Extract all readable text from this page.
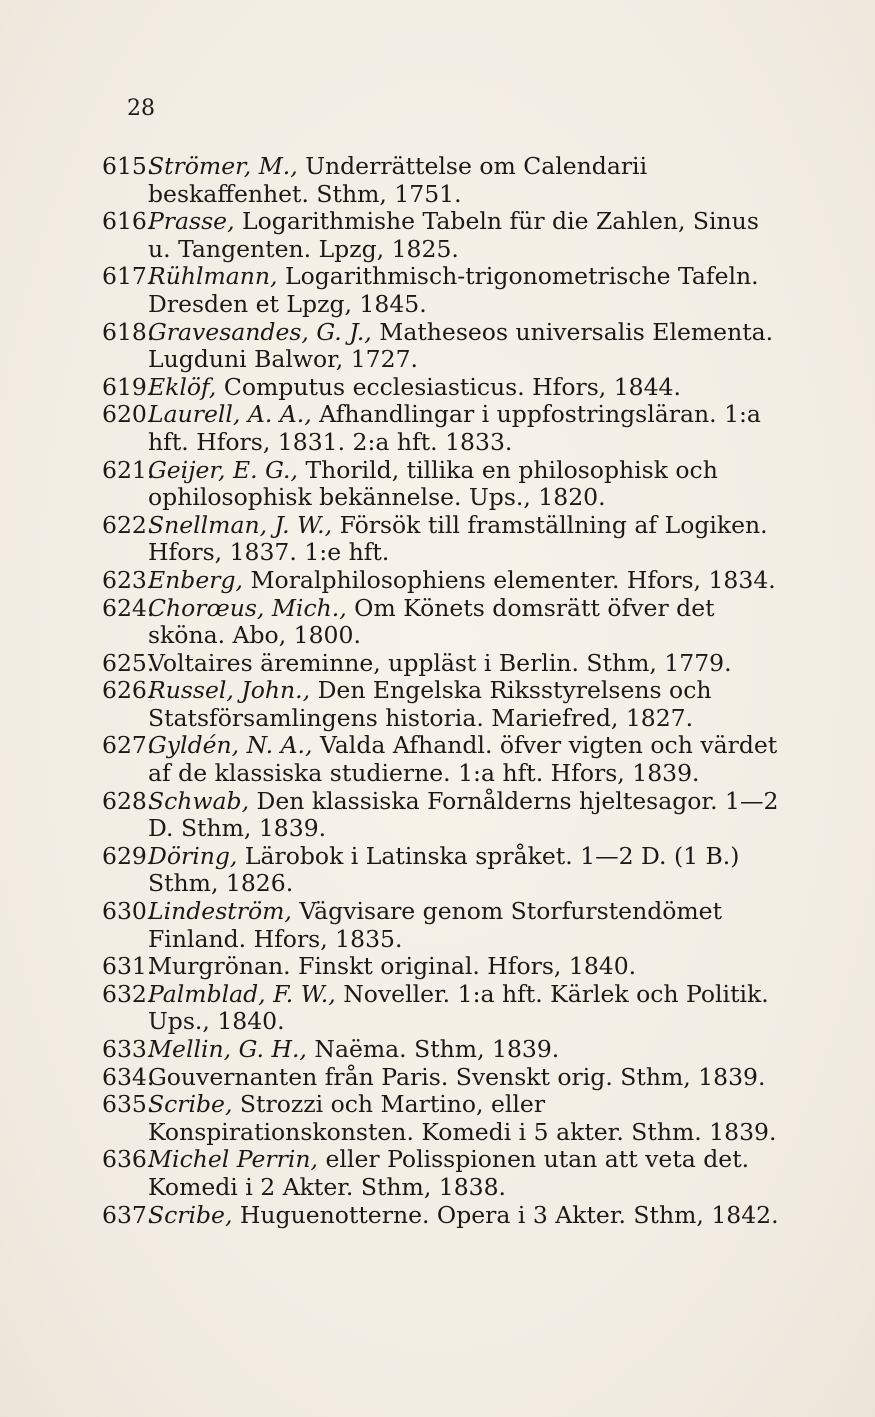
28

615.Strömer, M., Underrättelse om Calendarii beskaffenhet. Sthm, 1751.

616.Prasse, Logarithmishe Tabeln für die Zahlen, Sinus u. Tangenten. Lpzg, 1825.

617.Rühlmann, Logarithmisch-trigonometrische Tafeln. Dresden et Lpzg, 1845.

618.Gravesandes, G. J., Matheseos universalis Elementa. Lugduni Balwor, 1727.

619.Eklöf, Computus ecclesiasticus. Hfors, 1844.

620.Laurell, A. A., Afhandlingar i uppfostringsläran. 1:a hft. Hfors, 1831. 2:a hft. 1833.

621.Geijer, E. G., Thorild, tillika en philosophisk och ophilosophisk bekännelse. Ups., 1820.

622.Snellman, J. W., Försök till framställning af Logiken. Hfors, 1837. 1:e hft.

623.Enberg, Moralphilosophiens elementer. Hfors, 1834.

624.Chorœus, Mich., Om Könets domsrätt öfver det sköna. Abo, 1800.

625.Voltaires äreminne, uppläst i Berlin. Sthm, 1779.

626.Russel, John., Den Engelska Riksstyrelsens och Statsförsamlingens historia. Mariefred, 1827.

627.Gyldén, N. A., Valda Afhandl. öfver vigten och värdet af de klassiska studierne. 1:a hft. Hfors, 1839.

628.Schwab, Den klassiska Fornålderns hjeltesagor. 1—2 D. Sthm, 1839.

629.Döring, Lärobok i Latinska språket. 1—2 D. (1 B.) Sthm, 1826.

630.Lindeström, Vägvisare genom Storfurstendömet Finland. Hfors, 1835.

631.Murgrönan. Finskt original. Hfors, 1840.

632.Palmblad, F. W., Noveller. 1:a hft. Kärlek och Politik. Ups., 1840.

633.Mellin, G. H., Naëma. Sthm, 1839.

634.Gouvernanten från Paris. Svenskt orig. Sthm, 1839.

635.Scribe, Strozzi och Martino, eller Konspirationskonsten. Komedi i 5 akter. Sthm. 1839.

636.Michel Perrin, eller Polisspionen utan att veta det. Komedi i 2 Akter. Sthm, 1838.

637.Scribe, Huguenotterne. Opera i 3 Akter. Sthm, 1842.
